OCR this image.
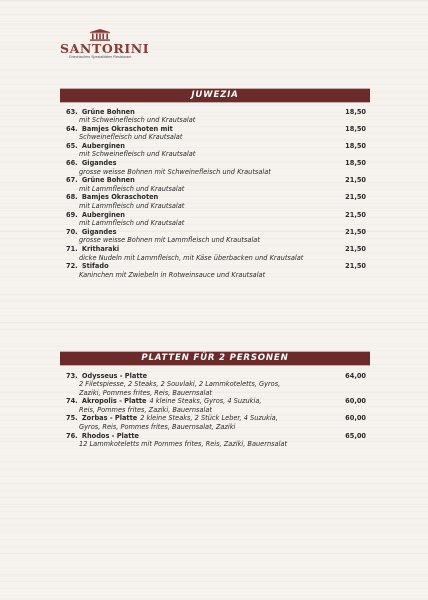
SANTORINI
Griechisches Spezialitäten Restaurant
JUWEZIA
63. Grüne Bohnen	18,50
mit Schweinefleisch und Krautsalat
64. Bamjes Okraschoten mit	18,50
Schweinefleisch und Krautsalat
65. Auberginen	18,50
mit Schweinefleisch und Krautsalat
66. Gigandes	18,50
grosse weisse Bohnen mit Schweinefleisch und Krautsalat
67. Grüne Bohnen	21,50
mit Lammfleisch und Krautsalat
68. Bamjes Okraschoten	21,50
mit Lammfleisch und Krautsalat
69. Auberginen	21,50
mit Lammfleisch und Krautsalat
70. Gigandes	21,50
grosse weisse Bohnen mit Lammfleisch und Krautsalat
71. Kritharaki	21,50
dicke Nudeln mit Lammfleisch, mit Käse überbacken und Krautsalat
72. Stifado	21,50
Kaninchen mit Zwiebeln in Rotweinsauce und Krautsalat
PLATTEN FÜR 2 PERSONEN
73. Odysseus - Platte	64,00
2 Filetspiesse, 2 Steaks, 2 Souvlaki, 2 Lammkoteletts, Gyros,
Zaziki, Pommes frites, Reis, Bauernsalat
74. Akropolis - Platte 4 kleine Steaks, Gyros, 4 Suzukia,	60,00
Reis, Pommes frites, Zaziki, Bauernsalat
75. Zorbas - Platte 2 kleine Steaks, 2 Stück Leber, 4 Suzukia,	60,00
Gyros, Reis, Pommes frites, Bauernsalat, Zaziki
76. Rhodos - Platte	65,00
12 Lammkoteletts mit Pommes frites, Reis, Zaziki, Bauernsalat
